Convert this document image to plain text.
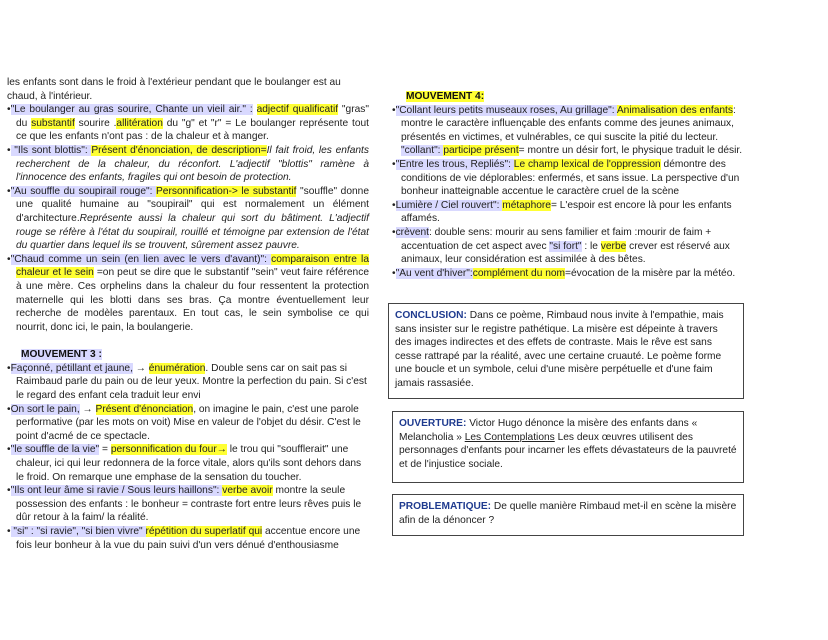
les enfants sont dans le froid à l'extérieur pendant que le boulanger est au chaud, à l'intérieur.

•"Le boulanger au gras sourire, Chante un vieil air." : adjectif qualificatif "gras" du substantif sourire .allitération du "g" et "r" = Le boulanger représente tout ce que les enfants n'ont pas : de la chaleur et à manger.

• "Ils sont blottis": Présent d'énonciation, de description=Il fait froid, les enfants recherchent de la chaleur, du réconfort. L'adjectif "blottis" ramène à l'innocence des enfants, fragiles qui ont besoin de protection.

•"Au souffle du soupirail rouge": Personnification-> le substantif "souffle" donne une qualité humaine au "soupirail" qui est normalement un élément d'architecture.Représente aussi la chaleur qui sort du bâtiment. L'adjectif rouge se réfère à l'état du soupirail, rouillé et témoigne par extension de l'état du quartier dans lequel ils se trouvent, sûrement assez pauvre.

•"Chaud comme un sein (en lien avec le vers d'avant)": comparaison entre la chaleur et le sein =on peut se dire que le substantif "sein" veut faire référence à une mère. Ces orphelins dans la chaleur du four ressentent la protection maternelle qui les blotti dans ses bras. Ça montre éventuellement leur recherche de modèles parentaux. En tout cas, le sein symbolise ce qui nourrit, donc ici, le pain, la boulangerie.

MOUVEMENT 3 :

•Façonné, pétillant et jaune, → énumération. Double sens car on sait pas si Raimbaud parle du pain ou de leur yeux. Montre la perfection du pain. Si c'est le regard des enfant cela traduit leur envi

•On sort le pain, → Présent d'énonciation, on imagine le pain, c'est une parole performative (par les mots on voit) Mise en valeur de l'objet du désir. C'est le point d'acmé de ce spectacle.

•"le souffle de la vie" = personnification du four→ le trou qui "soufflerait" une chaleur, ici qui leur redonnera de la force vitale, alors qu'ils sont dehors dans le froid. On remarque une emphase de la sensation du toucher.

•"Ils ont leur âme si ravie / Sous leurs haillons": verbe avoir montre la seule possession des enfants : le bonheur = contraste fort entre leurs rêves puis le dûr retour à la faim/ la réalité.

• "si" : "si ravie", "si bien vivre" répétition du superlatif qui accentue encore une fois leur bonheur à la vue du pain suivi d'un vers dénué d'enthousiasme

MOUVEMENT 4:

•"Collant leurs petits museaux roses, Au grillage": Animalisation des enfants: montre le caractère influençable des enfants comme des jeunes animaux, présentés en victimes, et vulnérables, ce qui suscite la pitié du lecteur. "collant": participe présent= montre un désir fort, le physique traduit le désir.

•"Entre les trous, Repliés": Le champ lexical de l'oppression démontre des conditions de vie déplorables: enfermés, et sans issue. La perspective d'un bonheur inatteignable accentue le caractère cruel de la scène

•Lumière / Ciel rouvert": métaphore= L'espoir est encore là pour les enfants affamés.

•crèvent: double sens: mourir au sens familier et faim :mourir de faim + accentuation de cet aspect avec "si fort" : le verbe crever est réservé aux animaux, leur considération est assimilée à des bêtes.

•"Au vent d'hiver":complément du nom=évocation de la misère par la météo.

CONCLUSION: Dans ce poème, Rimbaud nous invite à l'empathie, mais sans insister sur le registre pathétique. La misère est dépeinte à travers des images indirectes et des effets de contraste. Mais le rêve est sans cesse rattrapé par la réalité, avec une certaine cruauté. Le poème forme une boucle et un symbole, celui d'une misère perpétuelle et d'une faim jamais rassasiée.
OUVERTURE: Victor Hugo dénonce la misère des enfants dans « Melancholia » Les Contemplations Les deux œuvres utilisent des personnages d'enfants pour incarner les effets dévastateurs de la pauvreté et de l'injustice sociale.
PROBLEMATIQUE: De quelle manière Rimbaud met-il en scène la misère afin de la dénoncer ?
